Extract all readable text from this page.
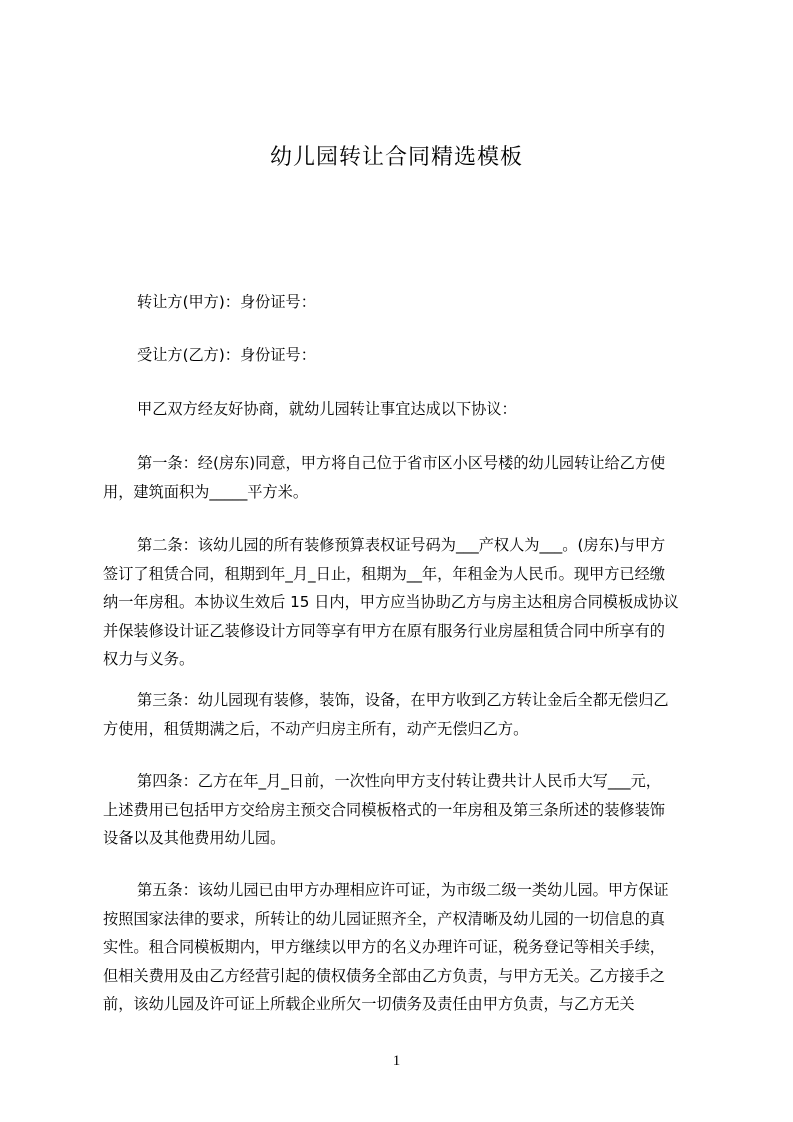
幼儿园转让合同精选模板
转让方(甲方)：身份证号：
受让方(乙方)：身份证号：
甲乙双方经友好协商，就幼儿园转让事宜达成以下协议：
第一条：经(房东)同意，甲方将自己位于省市区小区号楼的幼儿园转让给乙方使
用，建筑面积为_____平方米。
第二条：该幼儿园的所有装修预算表权证号码为___产权人为___。(房东)与甲方
签订了租赁合同，租期到年_月_日止，租期为__年，年租金为人民币。现甲方已经缴
纳一年房租。本协议生效后 15 日内，甲方应当协助乙方与房主达租房合同模板成协议
并保装修设计证乙装修设计方同等享有甲方在原有服务行业房屋租赁合同中所享有的
权力与义务。
第三条：幼儿园现有装修，装饰，设备，在甲方收到乙方转让金后全都无偿归乙
方使用，租赁期满之后，不动产归房主所有，动产无偿归乙方。
第四条：乙方在年_月_日前，一次性向甲方支付转让费共计人民币大写___元，
上述费用已包括甲方交给房主预交合同模板格式的一年房租及第三条所述的装修装饰
设备以及其他费用幼儿园。
第五条：该幼儿园已由甲方办理相应许可证，为市级二级一类幼儿园。甲方保证
按照国家法律的要求，所转让的幼儿园证照齐全，产权清晰及幼儿园的一切信息的真
实性。租合同模板期内，甲方继续以甲方的名义办理许可证，税务登记等相关手续，
但相关费用及由乙方经营引起的债权债务全部由乙方负责，与甲方无关。乙方接手之
前，该幼儿园及许可证上所载企业所欠一切债务及责任由甲方负责，与乙方无关
1
